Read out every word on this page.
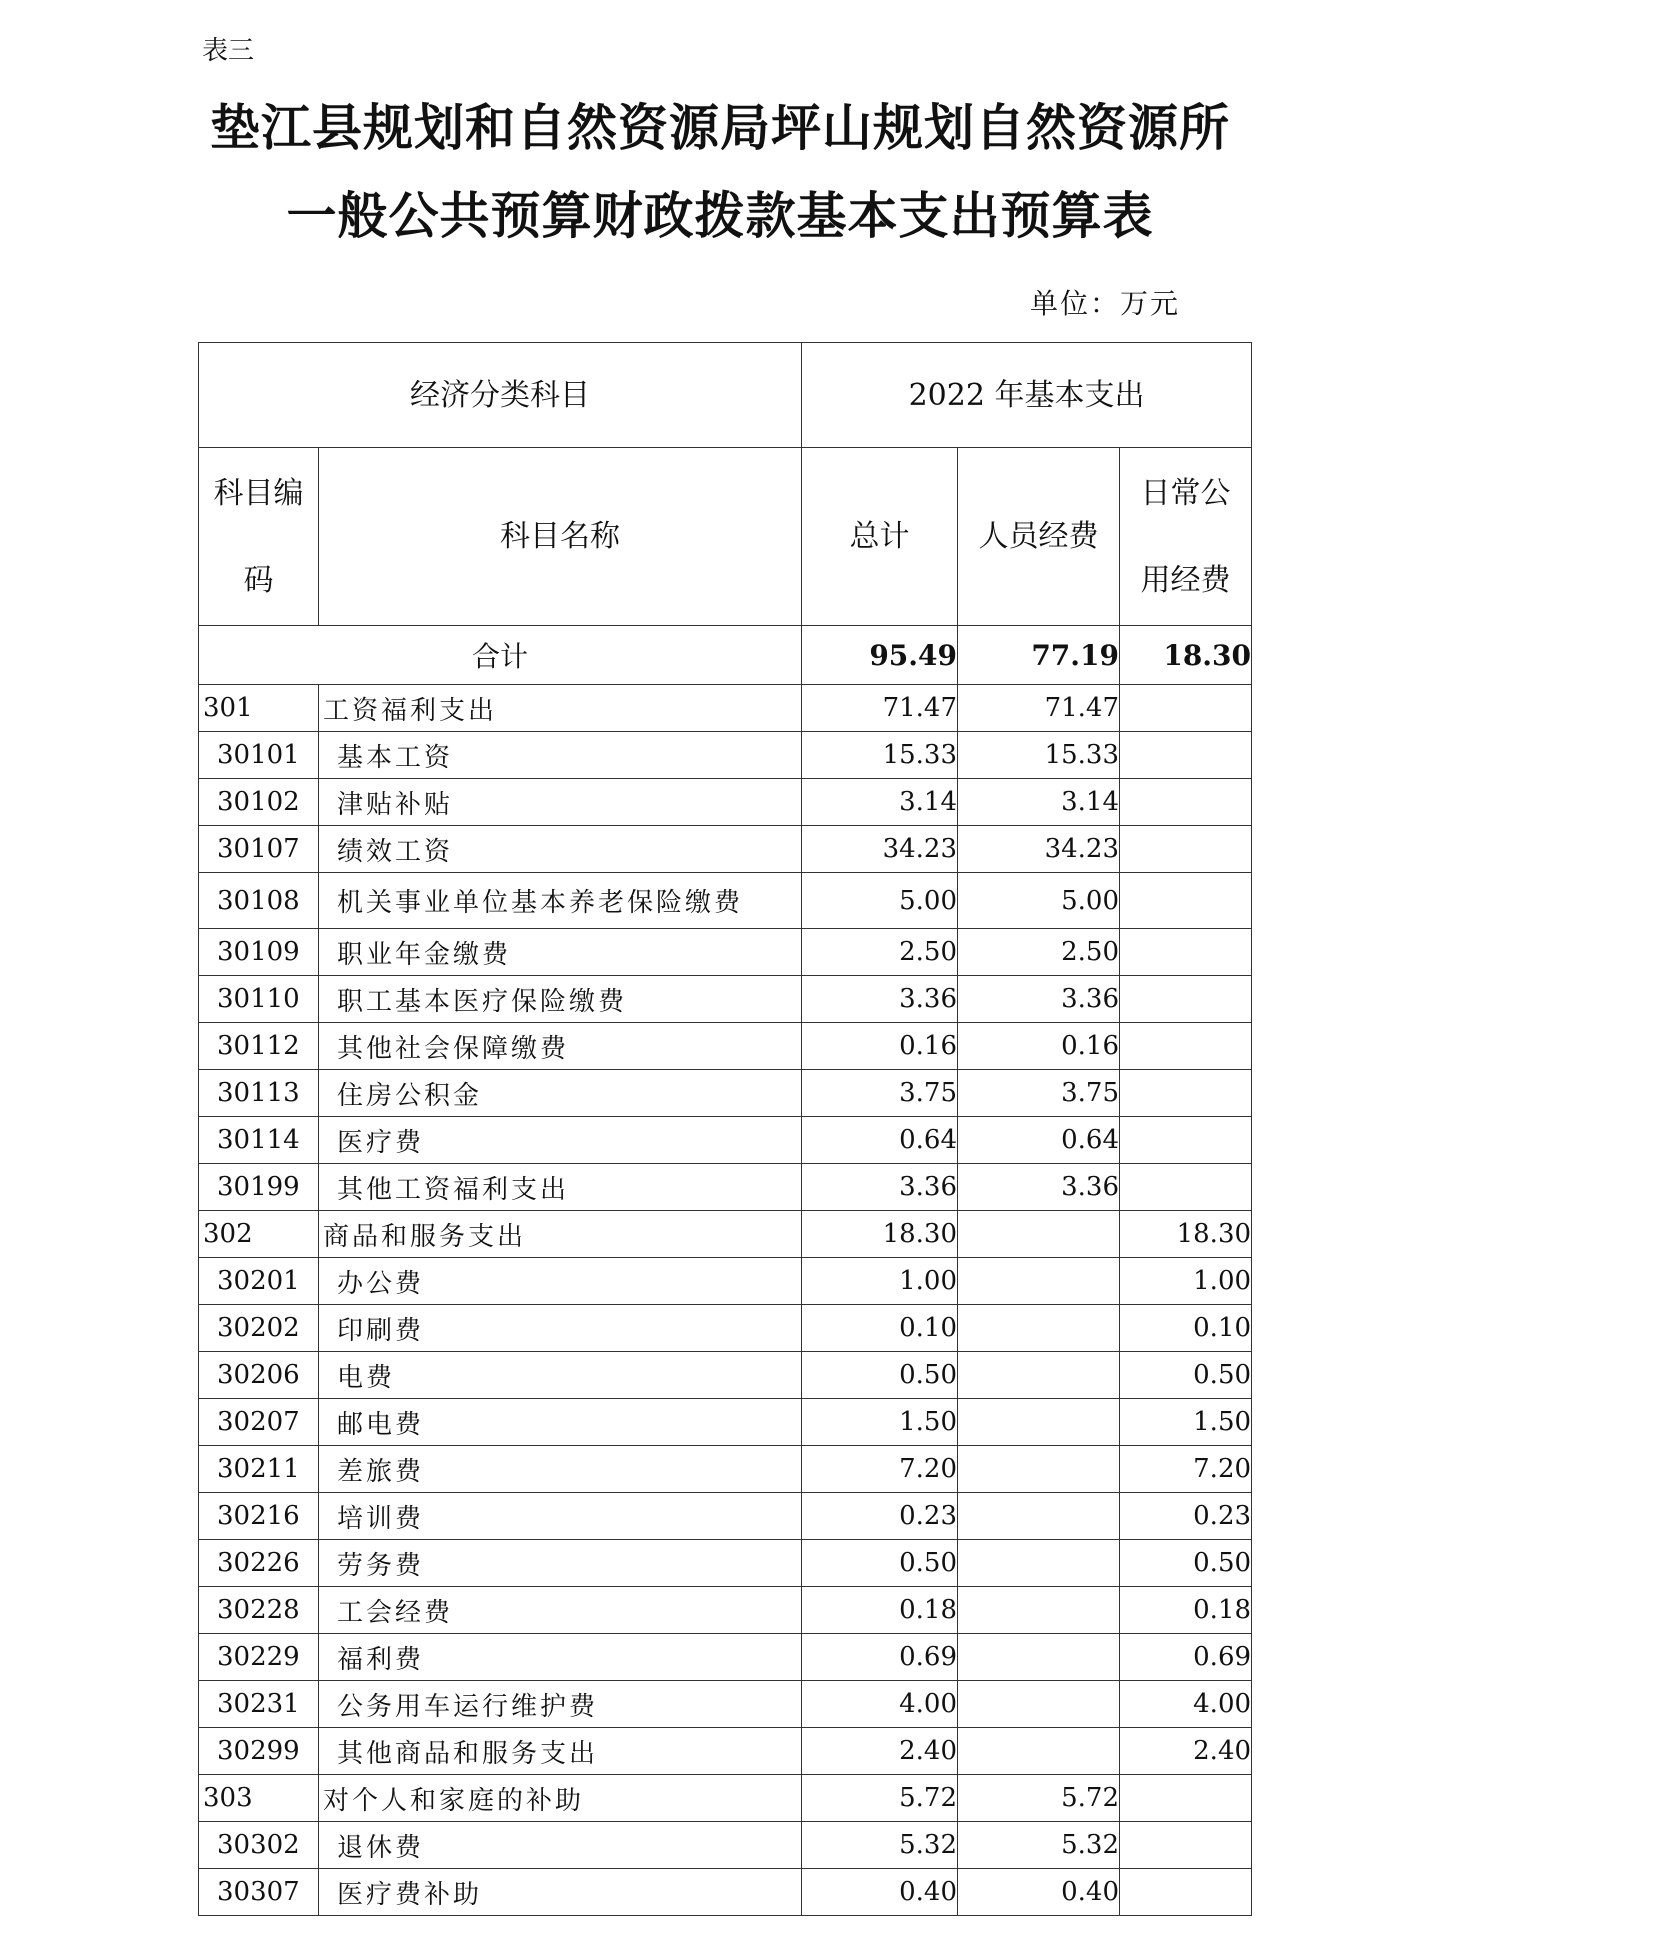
表三
垫江县规划和自然资源局坪山规划自然资源所
一般公共预算财政拨款基本支出预算表
单位：万元
经济分类科目		2022 年基本支出		

科目编码	科目名称	总计	人员经费	日常公用经费

合计		95.49	77.19	18.30
301	工资福利支出	71.47	71.47	
30101	基本工资	15.33	15.33	
30102	津贴补贴	3.14	3.14	
30107	绩效工资	34.23	34.23	
30108	机关事业单位基本养老保险缴费	5.00	5.00	
30109	职业年金缴费	2.50	2.50	
30110	职工基本医疗保险缴费	3.36	3.36	
30112	其他社会保障缴费	0.16	0.16	
30113	住房公积金	3.75	3.75	
30114	医疗费	0.64	0.64	
30199	其他工资福利支出	3.36	3.36	
302	商品和服务支出	18.30		18.30
30201	办公费	1.00		1.00
30202	印刷费	0.10		0.10
30206	电费	0.50		0.50
30207	邮电费	1.50		1.50
30211	差旅费	7.20		7.20
30216	培训费	0.23		0.23
30226	劳务费	0.50		0.50
30228	工会经费	0.18		0.18
30229	福利费	0.69		0.69
30231	公务用车运行维护费	4.00		4.00
30299	其他商品和服务支出	2.40		2.40
303	对个人和家庭的补助	5.72	5.72	
30302	退休费	5.32	5.32	
30307	医疗费补助	0.40	0.40	
